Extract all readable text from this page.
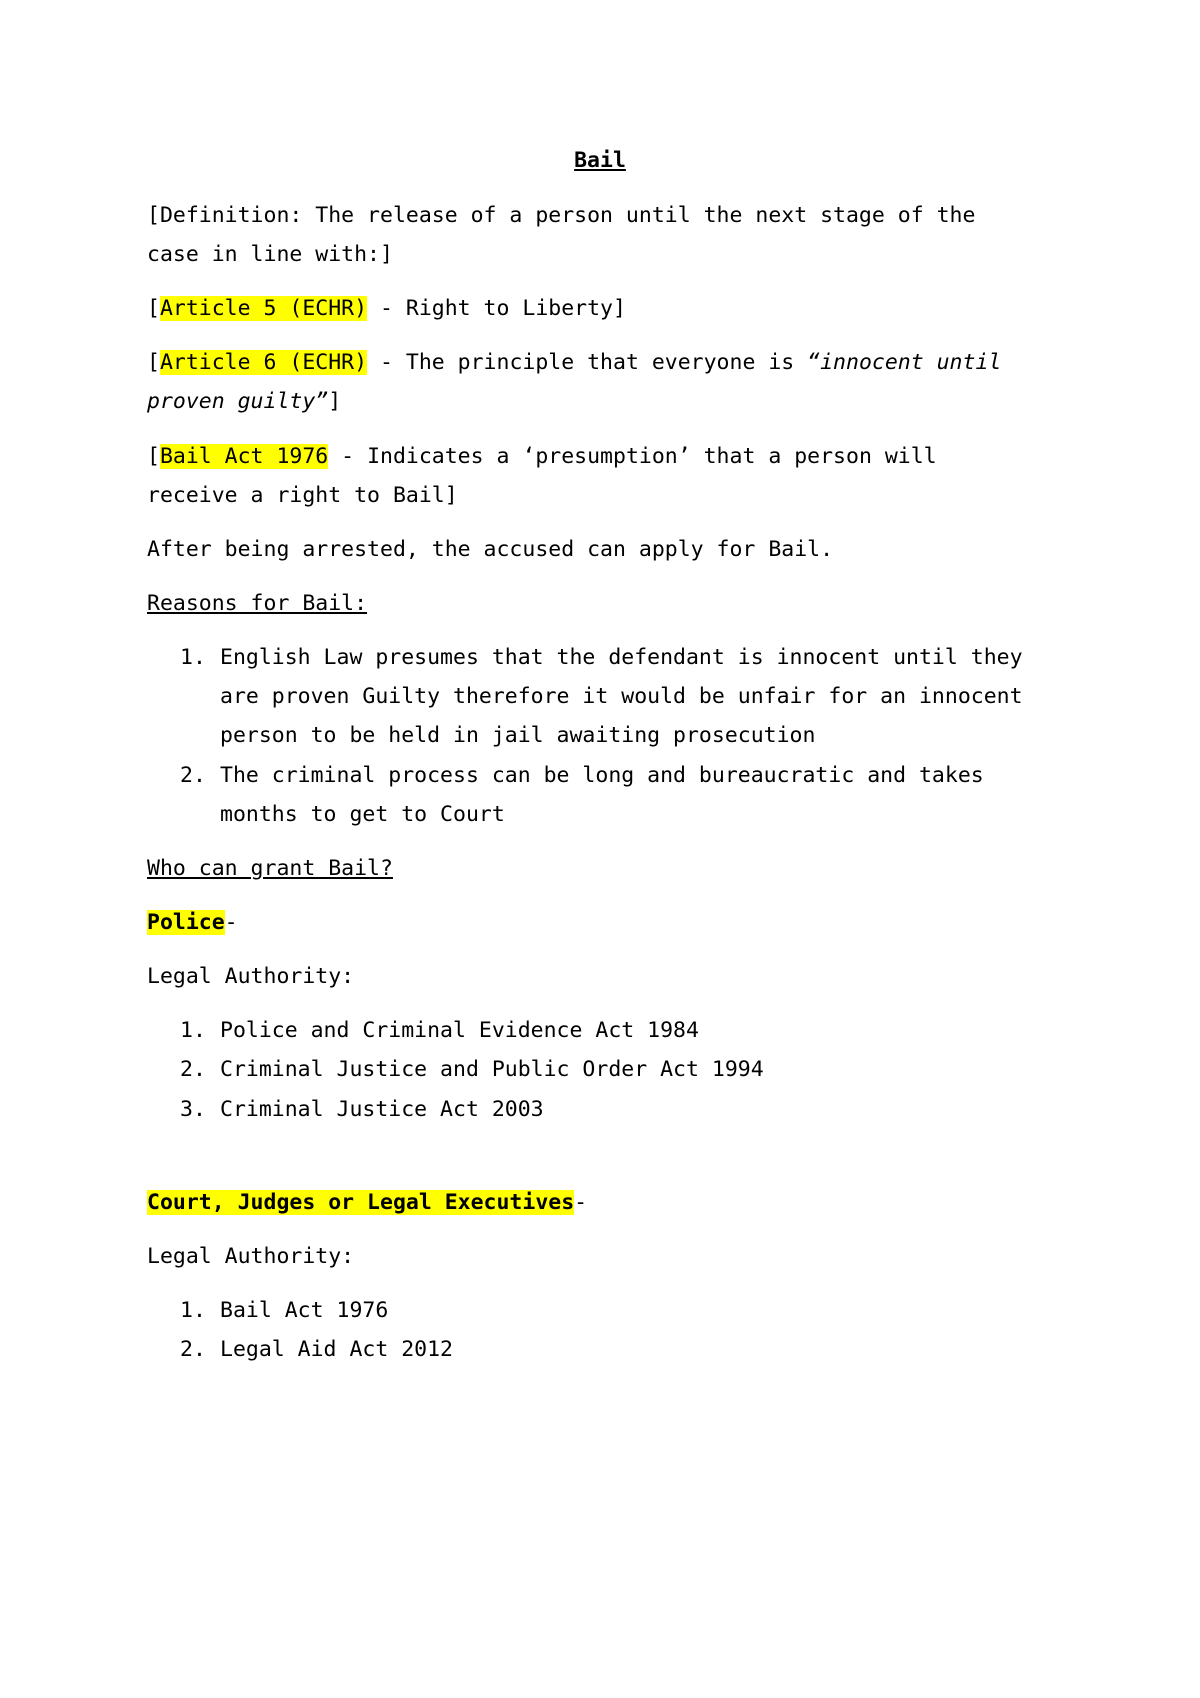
Bail
[Definition: The release of a person until the next stage of the
case in line with:]
[Article 5 (ECHR) - Right to Liberty]
[Article 6 (ECHR) - The principle that everyone is “innocent until
proven guilty”]
[Bail Act 1976 - Indicates a ‘presumption’ that a person will
receive a right to Bail]
After being arrested, the accused can apply for Bail.
Reasons for Bail:
1. English Law presumes that the defendant is innocent until they
are proven Guilty therefore it would be unfair for an innocent
person to be held in jail awaiting prosecution
2. The criminal process can be long and bureaucratic and takes
months to get to Court
Who can grant Bail?
Police-
Legal Authority:
1. Police and Criminal Evidence Act 1984
2. Criminal Justice and Public Order Act 1994
3. Criminal Justice Act 2003
Court, Judges or Legal Executives-
Legal Authority:
1. Bail Act 1976
2. Legal Aid Act 2012
